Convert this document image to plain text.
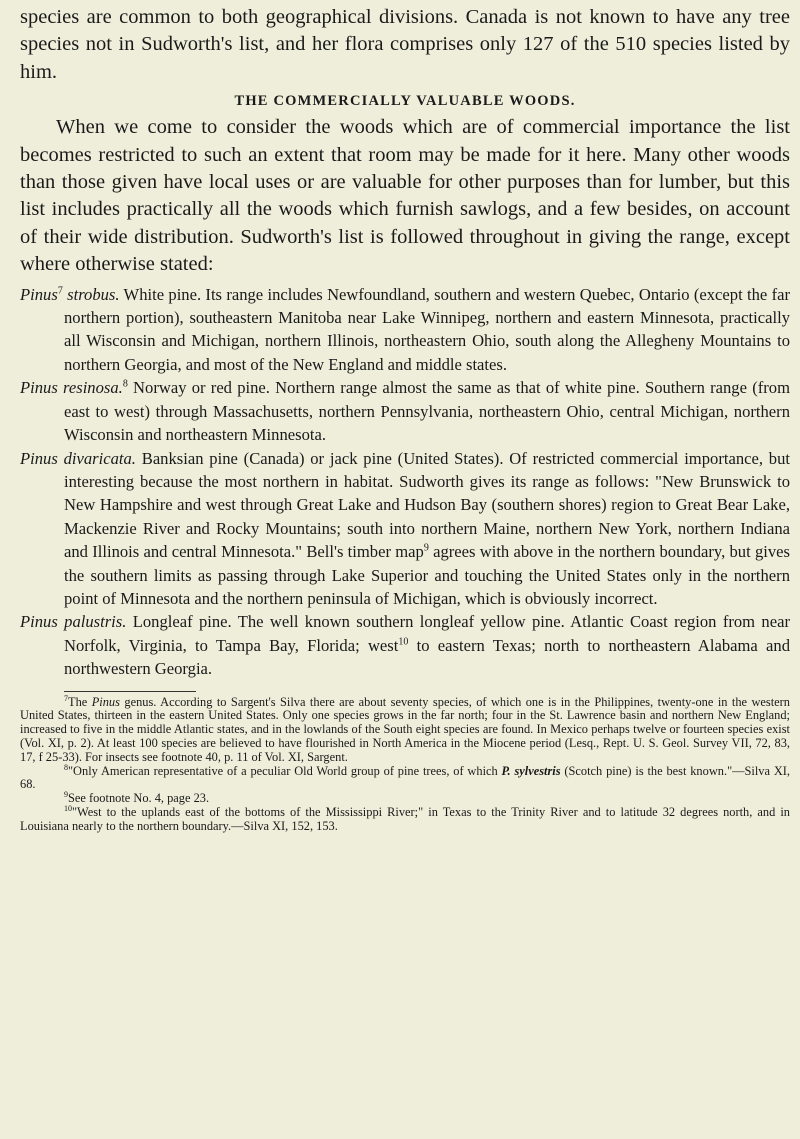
species are common to both geographical divisions. Canada is not known to have any tree species not in Sudworth's list, and her flora comprises only 127 of the 510 species listed by him.

THE COMMERCIALLY VALUABLE WOODS.

When we come to consider the woods which are of commercial importance the list becomes restricted to such an extent that room may be made for it here. Many other woods than those given have local uses or are valuable for other purposes than for lumber, but this list includes practically all the woods which furnish sawlogs, and a few besides, on account of their wide distribution. Sudworth's list is followed throughout in giving the range, except where otherwise stated:

Pinus$^7$ strobus. White pine. Its range includes Newfoundland, southern and western Quebec, Ontario (except the far northern portion), southeastern Manitoba near Lake Winnipeg, northern and eastern Minnesota, practically all Wisconsin and Michigan, northern Illinois, northeastern Ohio, south along the Allegheny Mountains to northern Georgia, and most of the New England and middle states.

Pinus resinosa.$^8$ Norway or red pine. Northern range almost the same as that of white pine. Southern range (from east to west) through Massachusetts, northern Pennsylvania, northeastern Ohio, central Michigan, northern Wisconsin and northeastern Minnesota.

Pinus divaricata. Banksian pine (Canada) or jack pine (United States). Of restricted commercial importance, but interesting because the most northern in habitat. Sudworth gives its range as follows: "New Brunswick to New Hampshire and west through Great Lake and Hudson Bay (southern shores) region to Great Bear Lake, Mackenzie River and Rocky Mountains; south into northern Maine, northern New York, northern Indiana and Illinois and central Minnesota." Bell's timber map$^9$ agrees with above in the northern boundary, but gives the southern limits as passing through Lake Superior and touching the United States only in the northern point of Minnesota and the northern peninsula of Michigan, which is obviously incorrect.

Pinus palustris. Longleaf pine. The well known southern longleaf yellow pine. Atlantic Coast region from near Norfolk, Virginia, to Tampa Bay, Florida; west$^{10}$ to eastern Texas; north to northeastern Alabama and northwestern Georgia.

$^7$The Pinus genus. According to Sargent's Silva there are about seventy species, of which one is in the Philippines, twenty-one in the western United States, thirteen in the eastern United States. Only one species grows in the far north; four in the St. Lawrence basin and northern New England; increased to five in the middle Atlantic states, and in the lowlands of the South eight species are found. In Mexico perhaps twelve or fourteen species exist (Vol. XI, p. 2). At least 100 species are believed to have flourished in North America in the Miocene period (Lesq., Rept. U. S. Geol. Survey VII, 72, 83, 17, f 25-33). For insects see footnote 40, p. 11 of Vol. XI, Sargent.

$^8$"Only American representative of a peculiar Old World group of pine trees, of which P. sylvestris (Scotch pine) is the best known."—Silva XI, 68.

$^9$See footnote No. 4, page 23.

$^{10}$"West to the uplands east of the bottoms of the Mississippi River;" in Texas to the Trinity River and to latitude 32 degrees north, and in Louisiana nearly to the northern boundary.—Silva XI, 152, 153.
